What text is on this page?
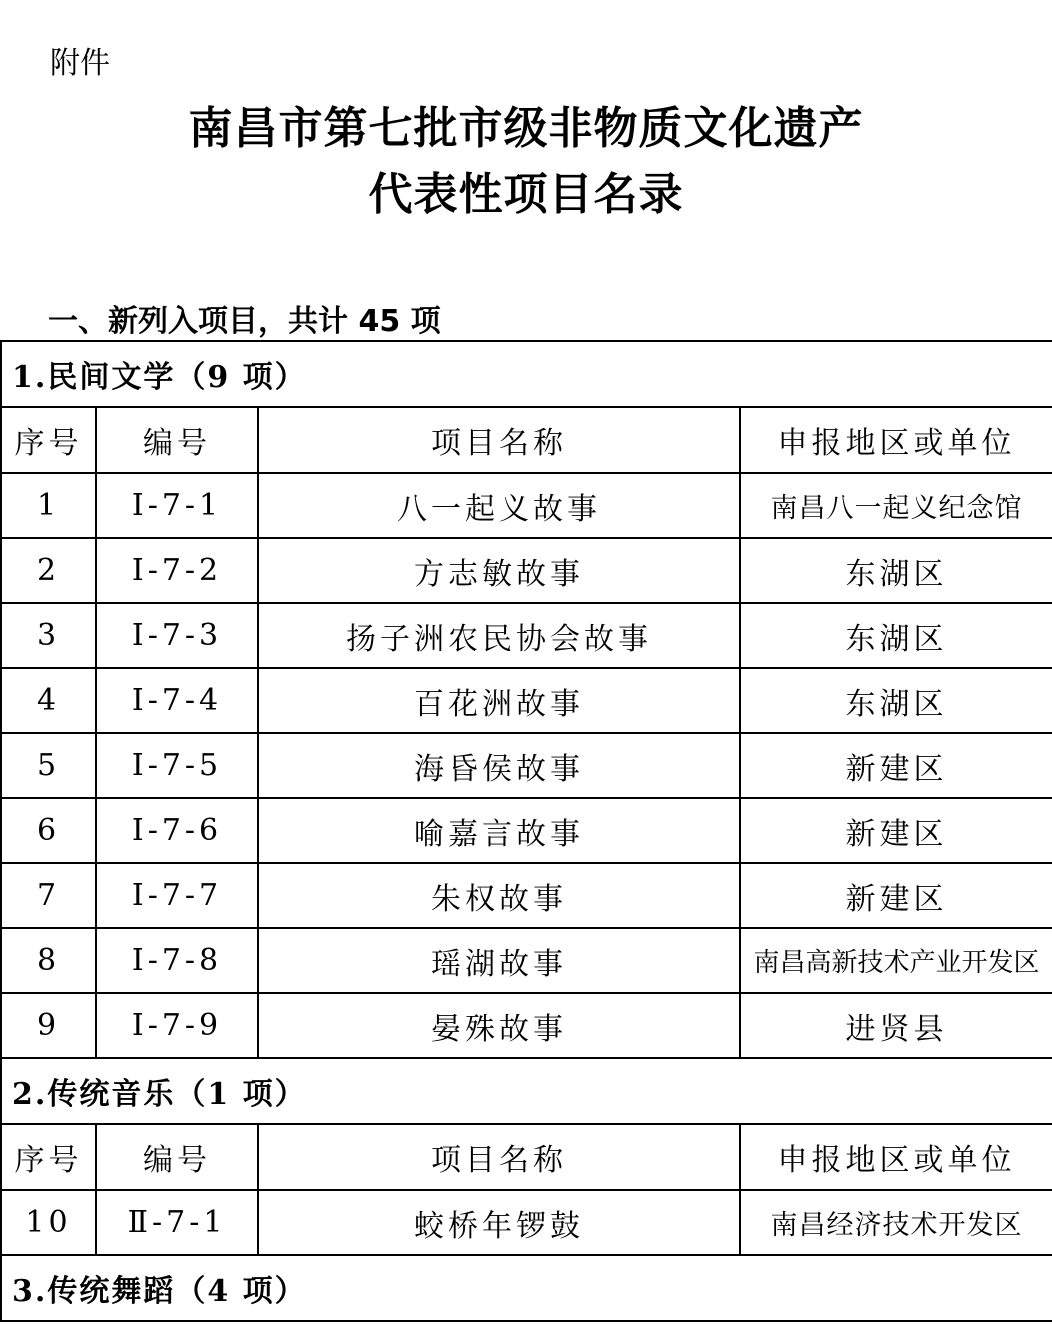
附件
南昌市第七批市级非物质文化遗产
代表性项目名录
一、新列入项目，共计 45 项
1.民间文学（9 项）			
序号	编号	项目名称	申报地区或单位
1	Ⅰ-7-1	八一起义故事	南昌八一起义纪念馆
2	Ⅰ-7-2	方志敏故事	东湖区
3	Ⅰ-7-3	扬子洲农民协会故事	东湖区
4	Ⅰ-7-4	百花洲故事	东湖区
5	Ⅰ-7-5	海昏侯故事	新建区
6	Ⅰ-7-6	喻嘉言故事	新建区
7	Ⅰ-7-7	朱权故事	新建区
8	Ⅰ-7-8	瑶湖故事	南昌高新技术产业开发区
9	Ⅰ-7-9	晏殊故事	进贤县
2.传统音乐（1 项）			
序号	编号	项目名称	申报地区或单位
10	Ⅱ-7-1	蛟桥年锣鼓	南昌经济技术开发区
3.传统舞蹈（4 项）			
